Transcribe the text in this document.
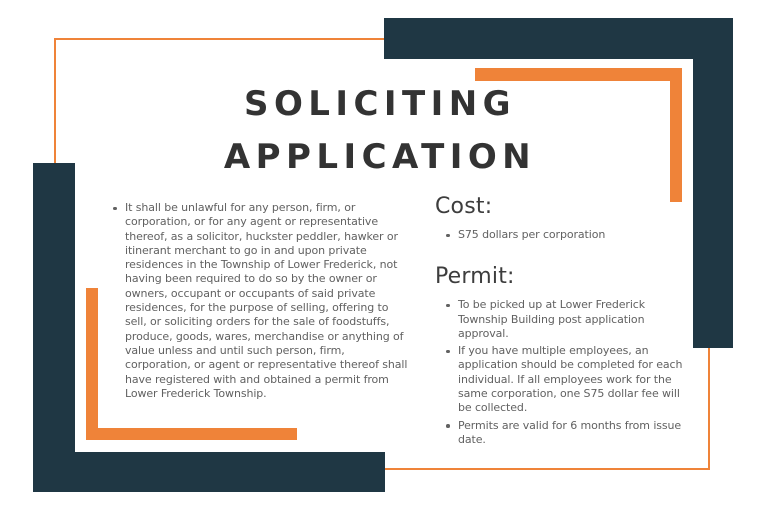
SOLICITING
APPLICATION
It shall be unlawful for any person, firm, or corporation, or for any agent or representative thereof, as a solicitor, huckster peddler, hawker or itinerant merchant to go in and upon private residences in the Township of Lower Frederick, not having been required to do so by the owner or owners, occupant or occupants of said private residences, for the purpose of selling, offering to sell, or soliciting orders for the sale of foodstuffs, produce, goods, wares, merchandise or anything of value unless and until such person, firm, corporation, or agent or representative thereof shall have registered with and obtained a permit from Lower Frederick Township.
Cost:
S75 dollars per corporation
Permit:
To be picked up at Lower Frederick Township Building post application approval.
If you have multiple employees, an application should be completed for each individual. If all employees work for the same corporation, one S75 dollar fee will be collected.
Permits are valid for 6 months from issue date.
